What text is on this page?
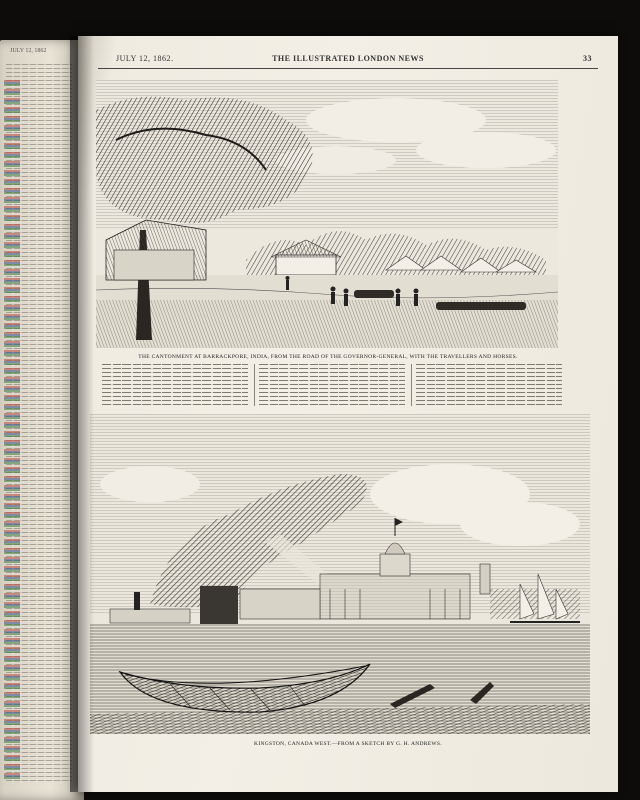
JULY 12, 1862
JULY 12, 1862.	THE ILLUSTRATED LONDON NEWS	33
THE CANTONMENT AT BARRACKPORE, INDIA, FROM THE ROAD OF THE GOVERNOR-GENERAL, WITH THE TRAVELLERS AND HORSES.
KINGSTON, CANADA WEST.—FROM A SKETCH BY G. H. ANDREWS.
